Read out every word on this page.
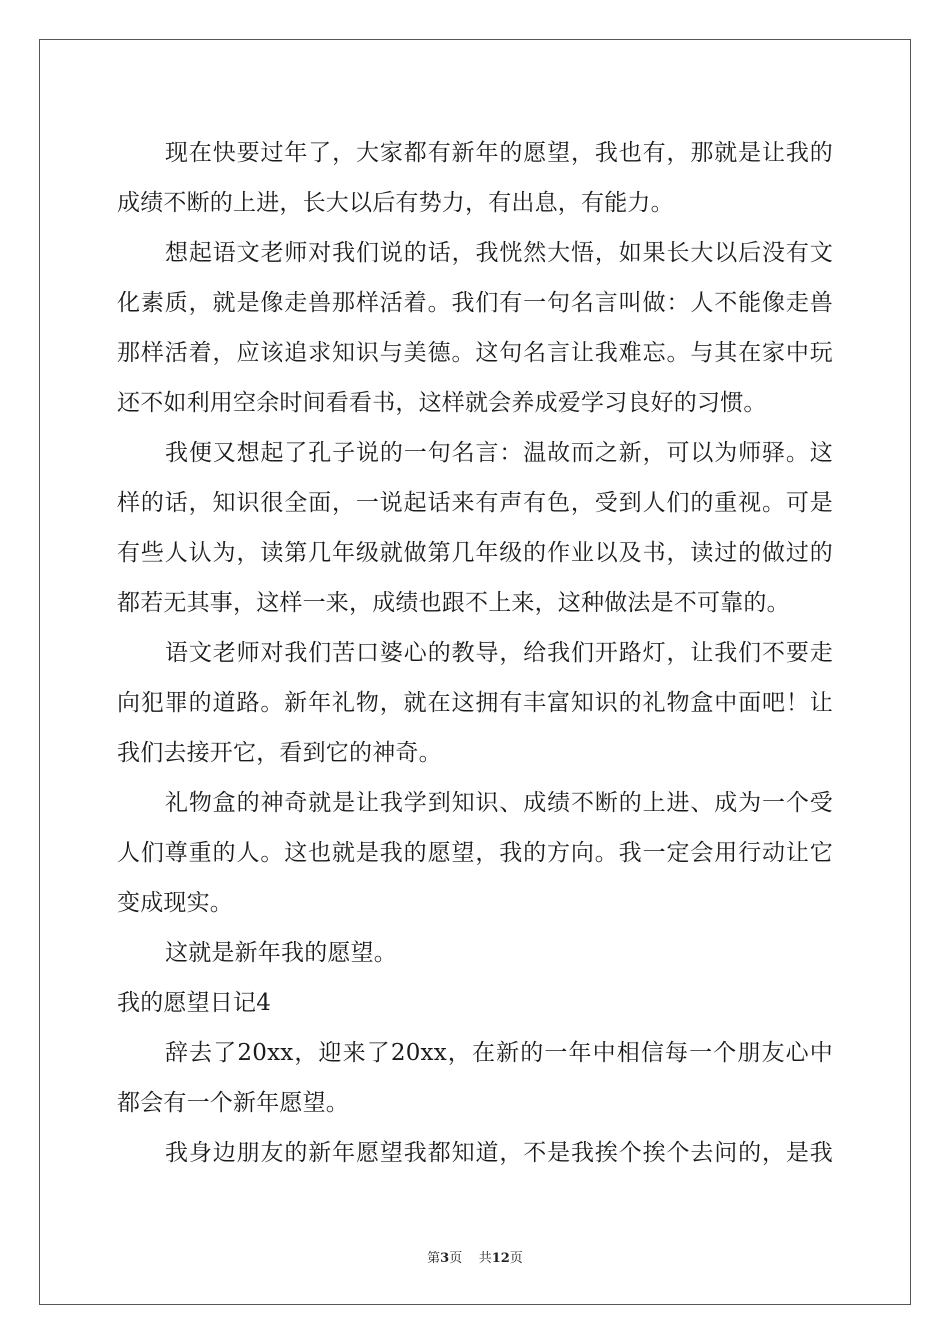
现在快要过年了，大家都有新年的愿望，我也有，那就是让我的
成绩不断的上进，长大以后有势力，有出息，有能力。
想起语文老师对我们说的话，我恍然大悟，如果长大以后没有文
化素质，就是像走兽那样活着。我们有一句名言叫做：人不能像走兽
那样活着，应该追求知识与美德。这句名言让我难忘。与其在家中玩
还不如利用空余时间看看书，这样就会养成爱学习良好的习惯。
我便又想起了孔子说的一句名言：温故而之新，可以为师驿。这
样的话，知识很全面，一说起话来有声有色，受到人们的重视。可是
有些人认为，读第几年级就做第几年级的作业以及书，读过的做过的
都若无其事，这样一来，成绩也跟不上来，这种做法是不可靠的。
语文老师对我们苦口婆心的教导，给我们开路灯，让我们不要走
向犯罪的道路。新年礼物，就在这拥有丰富知识的礼物盒中面吧！让
我们去接开它，看到它的神奇。
礼物盒的神奇就是让我学到知识、成绩不断的上进、成为一个受
人们尊重的人。这也就是我的愿望，我的方向。我一定会用行动让它
变成现实。
这就是新年我的愿望。
我的愿望日记4
辞去了20xx，迎来了20xx，在新的一年中相信每一个朋友心中
都会有一个新年愿望。
我身边朋友的新年愿望我都知道，不是我挨个挨个去问的，是我
第3页 共12页
